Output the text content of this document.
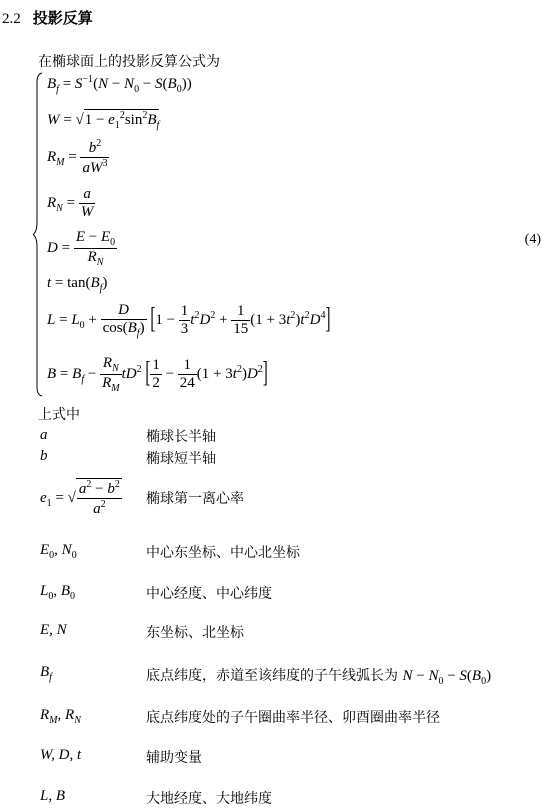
2.2 投影反算
在椭球面上的投影反算公式为
$B_f = S^{-1}(N - N_0 - S(B_0))$
$W = √1 - e_1^2\sin^2B_f$
$R_M = \frac{b^2}{aW^3}$
$R_N = \frac{a}{W}$
$D = \frac{E - E_0}{R_N}$
$t = \tan(B_f)$
$L = L_0 + \frac{D}{\cos(B_f)} [1 - \frac{1}{3} t^2D^2 + \frac{1}{15} (1 + 3t^2)t^2D^4]$
$B = B_f - \frac{R_N}{R_M} tD^2$ [ $\frac{1}{2} - \frac{1}{24} (1 + 3t^2)D^2$]
(4)
上式中
a	椭球长半轴
b	椭球短半轴
$e_1$ = √ $\frac{a^2 - b^2}{a^2}$ 椭球第一离心率
$E_0$, $N_0$	中心东坐标、中心北坐标
$L_0$, $B_0$	中心经度、中心纬度
E, N	东坐标、北坐标
$B_f$	底点纬度，赤道至该纬度的子午线弧长为 $N - N_0 - S(B_0)$
$R_M$, $R_N$	底点纬度处的子午圈曲率半径、卯酉圈曲率半径
W, D, t	辅助变量
L, B	大地经度、大地纬度
